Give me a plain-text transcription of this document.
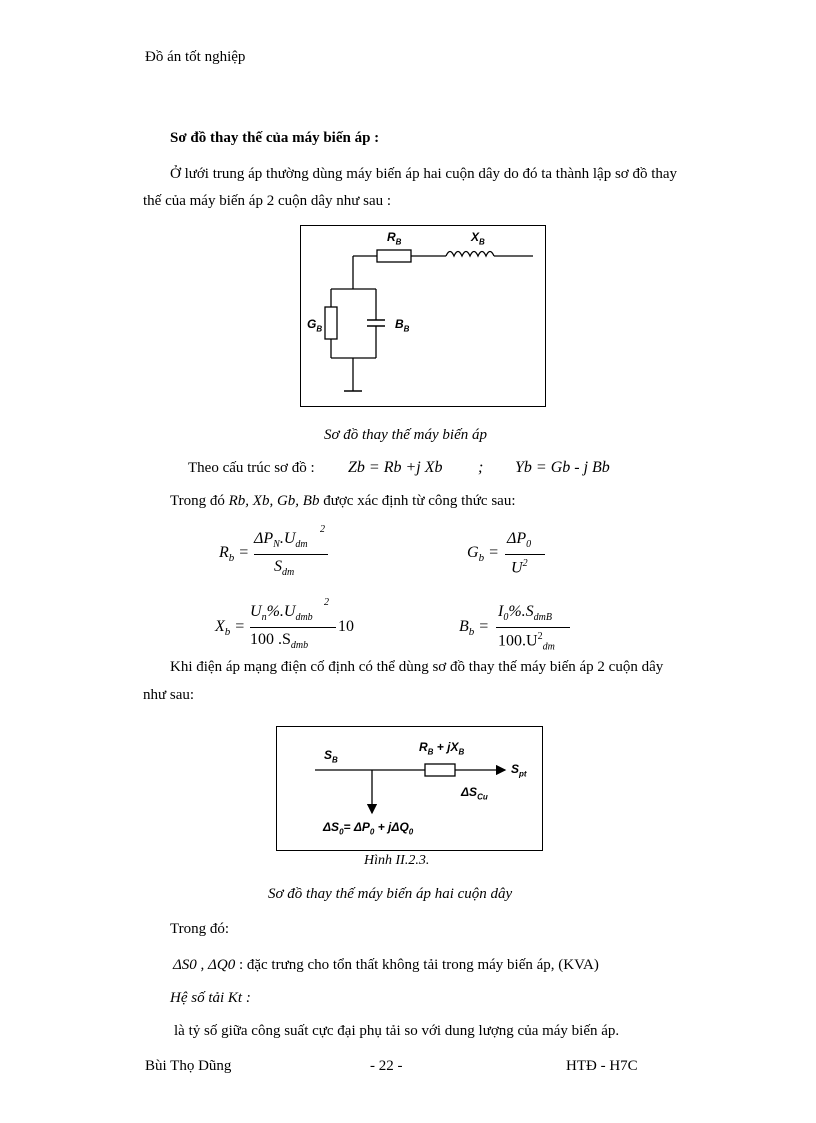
Đồ án tốt nghiệp
Sơ đồ thay thế của máy biến áp :
Ở lưới trung áp thường dùng máy biến áp hai cuộn dây do đó ta thành lập sơ đồ thay
thế của máy biến áp 2 cuộn dây như sau :
$R_B$	$X_B$
$G_B$	$B_B$
Sơ đồ thay thế máy biến áp
Theo cấu trúc sơ đồ : Zb = Rb +j Xb ; Yb = Gb - j Bb
Trong đó Rb, Xb, Gb, Bb được xác định từ công thức sau:
$R_b$ =
$\Delta P_N.U_{dm}$
2
$S_{dm}$
$G_b$ =
$\Delta P_0$
$U^2$
$X_b$ =
$U_n\%.U_{dmb}$
2
100 $.S_{dmb}$
10	$B_b$ =
$I_0\%.S_{dmB}$
$100.U^2_{dm}$
Khi điện áp mạng điện cố định có thể dùng sơ đồ thay thế máy biến áp 2 cuộn dây
như sau:
$S_B$
$R_B + jX_B$
$S_{pt}$
$\Delta S_{Cu}$
$\Delta S_0= \Delta P_0 + j\Delta Q_0$
Hình II.2.3.
Sơ đồ thay thế máy biến áp hai cuộn dây
Trong đó:
ΔS0 , ΔQ0 : đặc trưng cho tổn thất không tải trong máy biến áp, (KVA)
Hệ số tải Kt :
là tỷ số giữa công suất cực đại phụ tải so với dung lượng của máy biến áp.
Bùi Thọ Dũng	- 22 -	HTĐ - H7C
